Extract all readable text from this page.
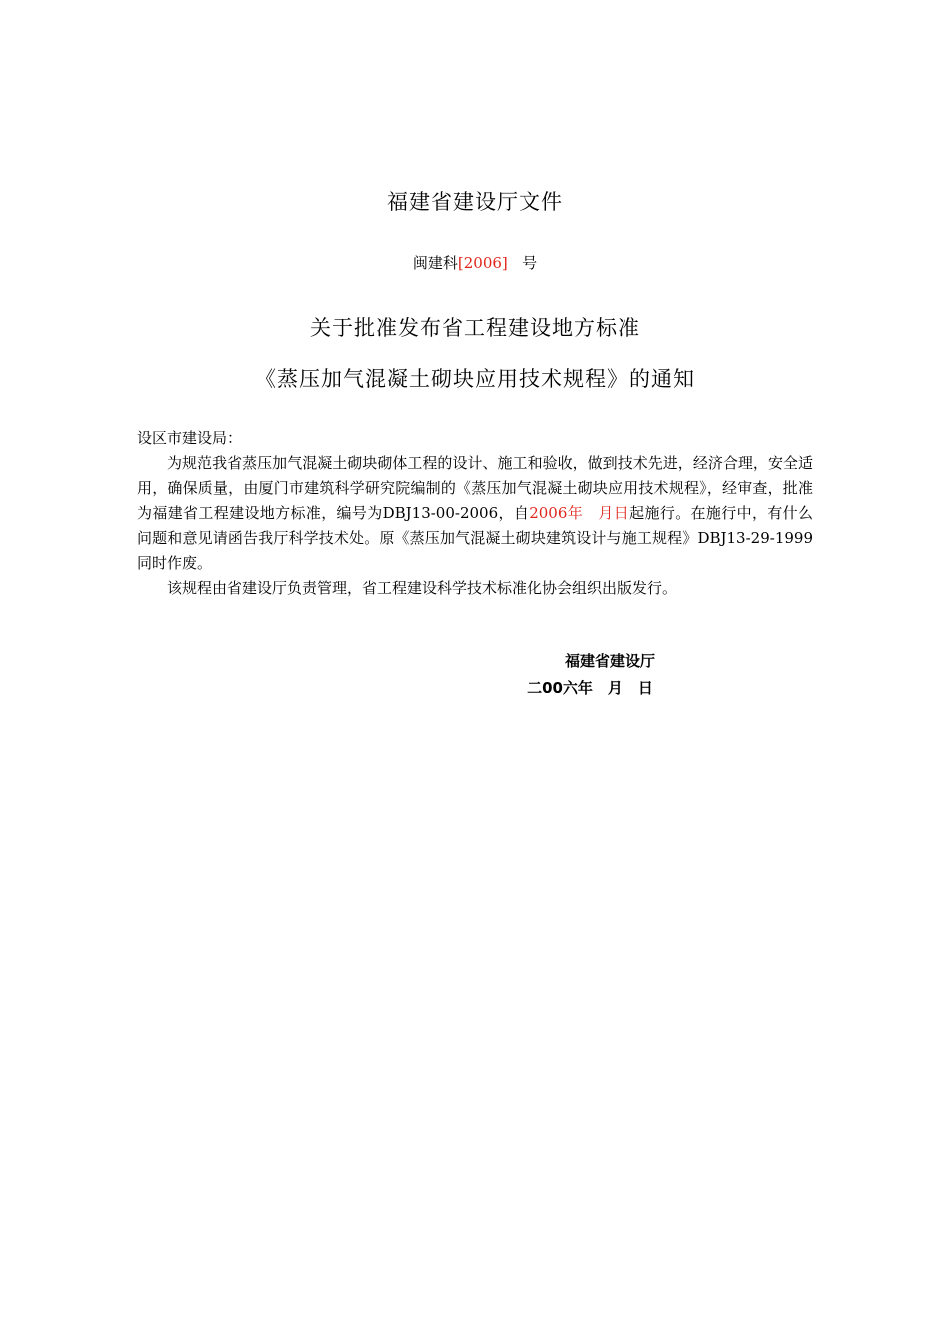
福建省建设厅文件
闽建科[2006] 号
关于批准发布省工程建设地方标准
《蒸压加气混凝土砌块应用技术规程》的通知
设区市建设局：
为规范我省蒸压加气混凝土砌块砌体工程的设计、施工和验收，做到技术先进，经济合理，安全适用，确保质量，由厦门市建筑科学研究院编制的《蒸压加气混凝土砌块应用技术规程》，经审查，批准为福建省工程建设地方标准，编号为DBJ13-00-2006，自2006年　月日起施行。在施行中，有什么问题和意见请函告我厅科学技术处。原《蒸压加气混凝土砌块建筑设计与施工规程》DBJ13-29-1999同时作废。
该规程由省建设厅负责管理，省工程建设科学技术标准化协会组织出版发行。
福建省建设厅
二00六年　月　日
